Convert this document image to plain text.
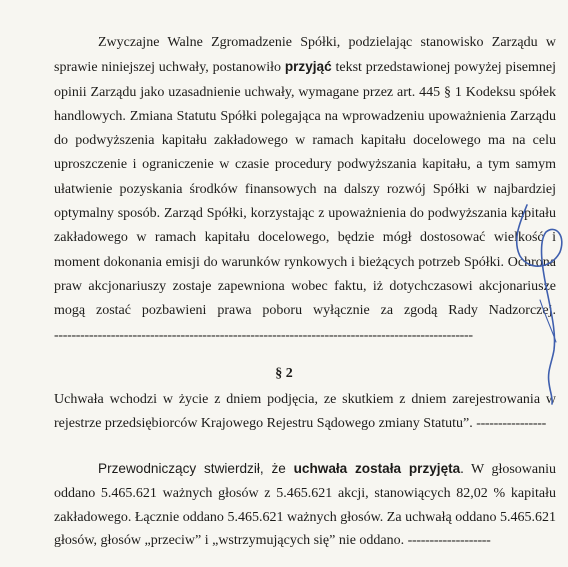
Zwyczajne Walne Zgromadzenie Spółki, podzielając stanowisko Zarządu w sprawie niniejszej uchwały, postanowiło przyjąć tekst przedstawionej powyżej pisemnej opinii Zarządu jako uzasadnienie uchwały, wymagane przez art. 445 § 1 Kodeksu spółek handlowych. Zmiana Statutu Spółki polegająca na wprowadzeniu upoważnienia Zarządu do podwyższenia kapitału zakładowego w ramach kapitału docelowego ma na celu uproszczenie i ograniczenie w czasie procedury podwyższania kapitału, a tym samym ułatwienie pozyskania środków finansowych na dalszy rozwój Spółki w najbardziej optymalny sposób. Zarząd Spółki, korzystając z upoważnienia do podwyższania kapitału zakładowego w ramach kapitału docelowego, będzie mógł dostosować wielkość i moment dokonania emisji do warunków rynkowych i bieżących potrzeb Spółki. Ochrona praw akcjonariuszy zostaje zapewniona wobec faktu, iż dotychczasowi akcjonariusze mogą zostać pozbawieni prawa poboru wyłącznie za zgodą Rady Nadzorczej. ------------------------------------------------------------------------------------------------

§ 2

Uchwała wchodzi w życie z dniem podjęcia, ze skutkiem z dniem zarejestrowania w rejestrze przedsiębiorców Krajowego Rejestru Sądowego zmiany Statutu”. ----------------

Przewodniczący stwierdził, że uchwała została przyjęta. W głosowaniu oddano 5.465.621 ważnych głosów z 5.465.621 akcji, stanowiących 82,02 % kapitału zakładowego. Łącznie oddano 5.465.621 ważnych głosów. Za uchwałą oddano 5.465.621 głosów, głosów „przeciw” i „wstrzymujących się” nie oddano. -------------------
